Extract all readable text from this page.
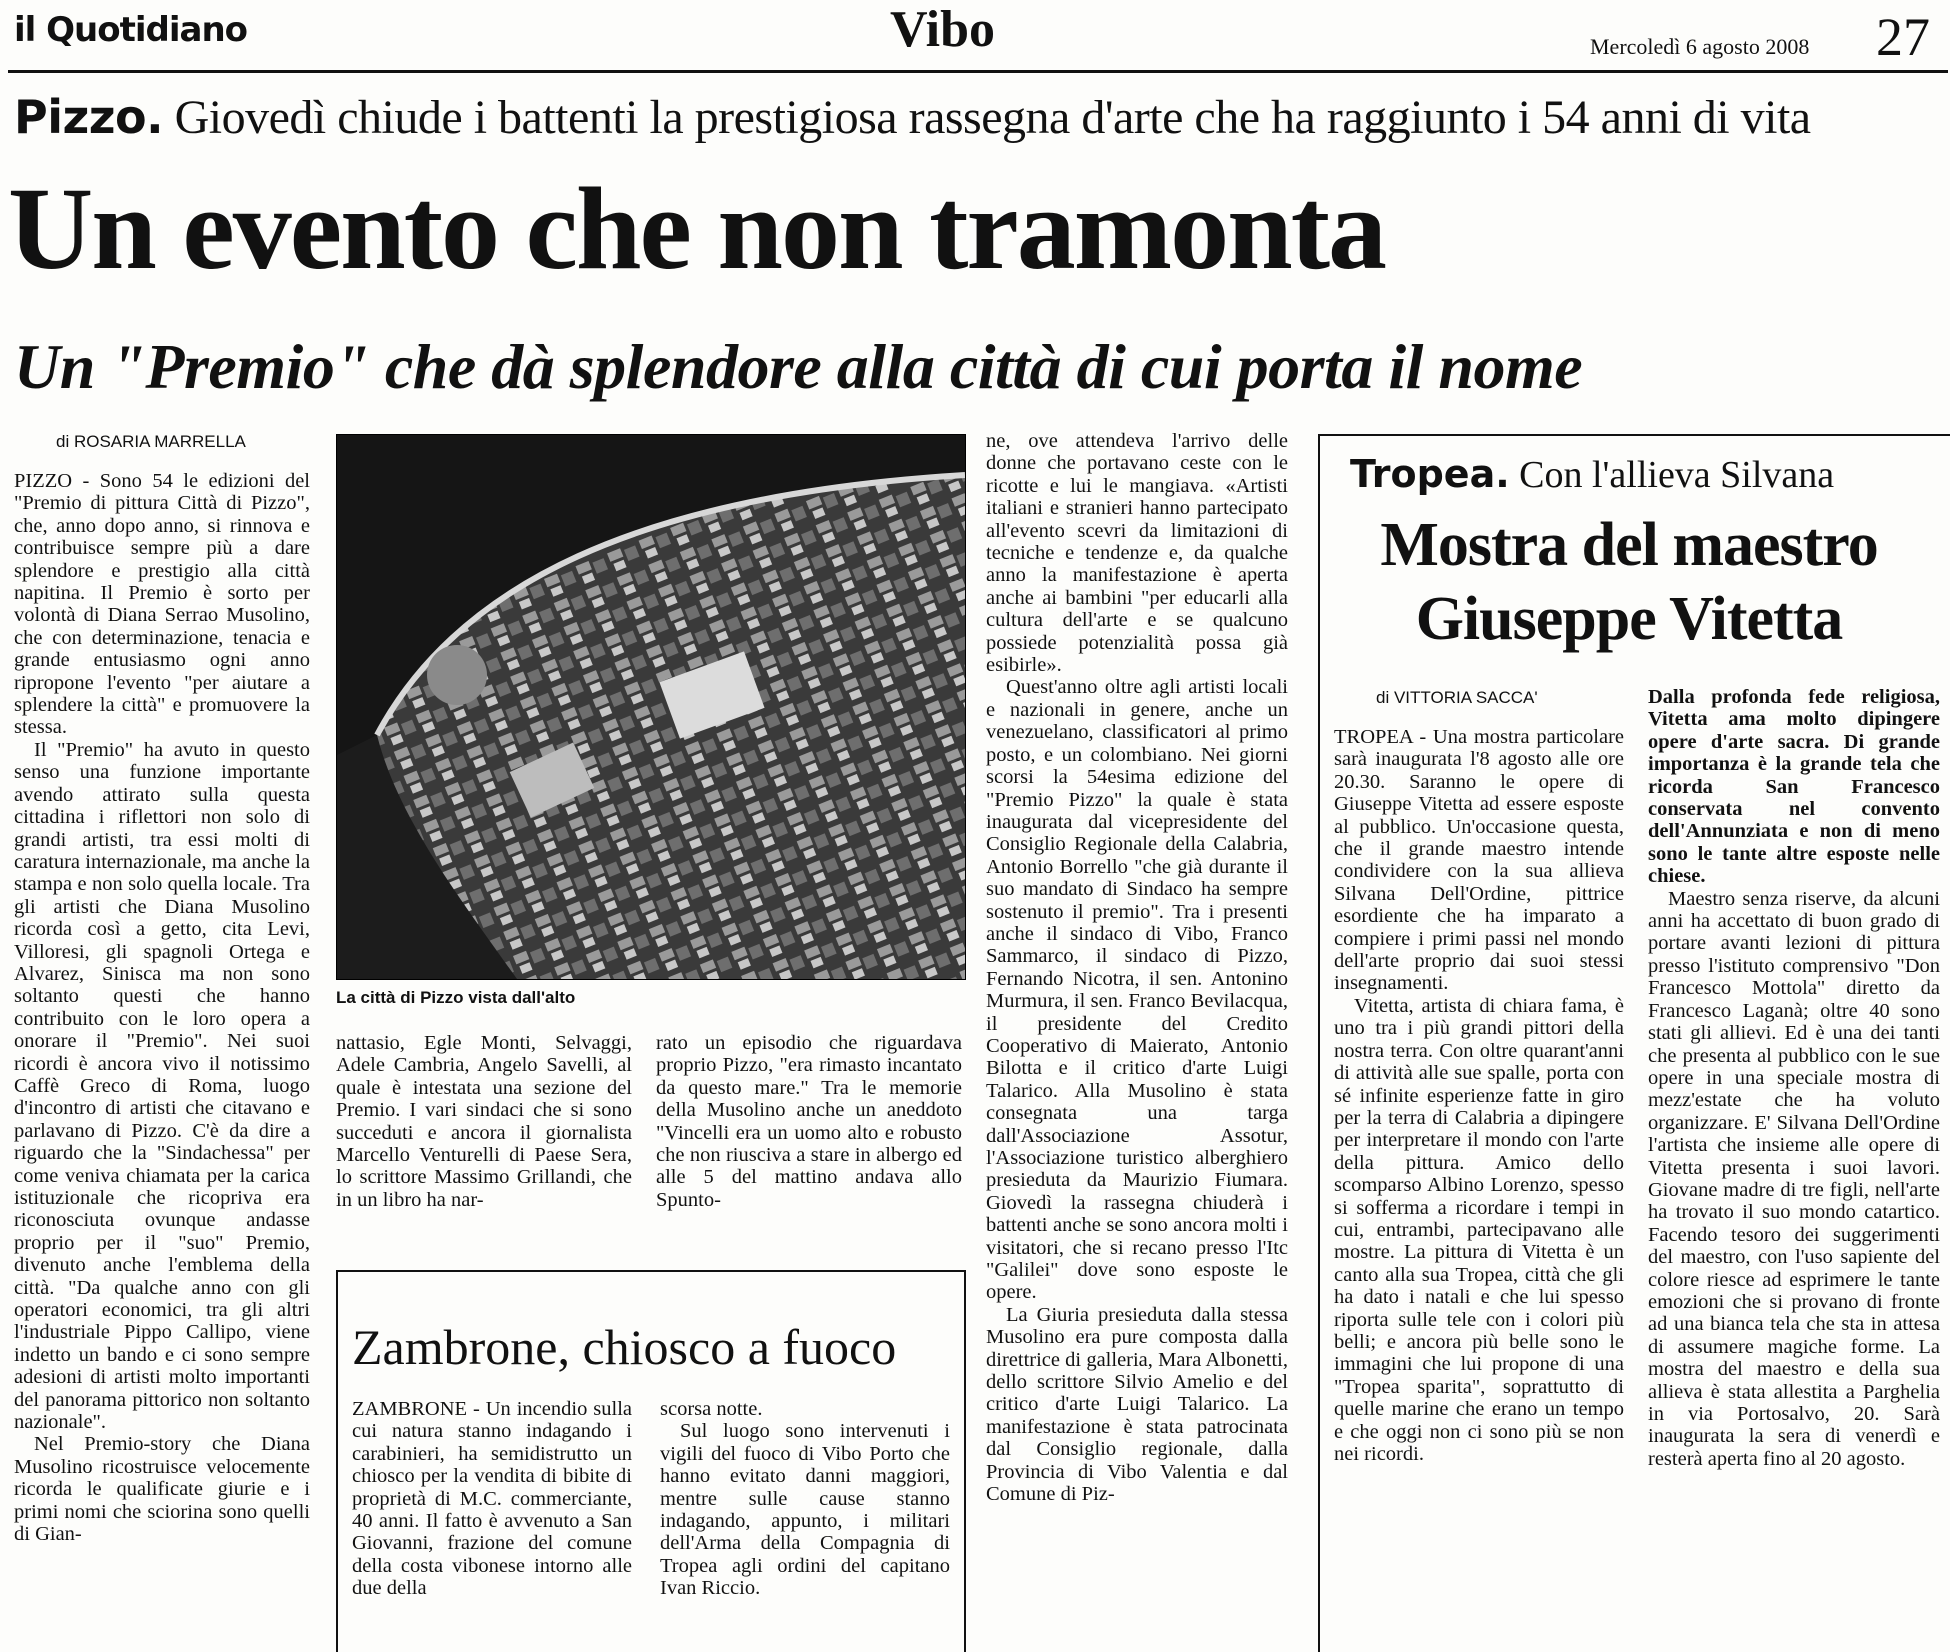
il Quotidiano	Vibo	Mercoledì 6 agosto 2008 27
Pizzo. Giovedì chiude i battenti la prestigiosa rassegna d'arte che ha raggiunto i 54 anni di vita
Un evento che non tramonta
Un "Premio" che dà splendore alla città di cui porta il nome
di ROSARIA MARRELLA

PIZZO - Sono 54 le edizioni del "Premio di pittura Città di Pizzo", che, anno dopo anno, si rinnova e contribuisce sempre più a dare splendore e prestigio alla città napitina. Il Premio è sorto per volontà di Diana Serrao Musolino, che con determinazione, tenacia e grande entusiasmo ogni anno ripropone l'evento "per aiutare a splendere la città" e promuovere la stessa.

Il "Premio" ha avuto in questo senso una funzione importante avendo attirato sulla questa cittadina i riflettori non solo di grandi artisti, tra essi molti di caratura internazionale, ma anche la stampa e non solo quella locale. Tra gli artisti che Diana Musolino ricorda così a getto, cita Levi, Villoresi, gli spagnoli Ortega e Alvarez, Sinisca ma non sono soltanto questi che hanno contribuito con le loro opera a onorare il "Premio". Nei suoi ricordi è ancora vivo il notissimo Caffè Greco di Roma, luogo d'incontro di artisti che citavano e parlavano di Pizzo. C'è da dire a riguardo che la "Sindachessa" per come veniva chiamata per la carica istituzionale che ricopriva era riconosciuta ovunque andasse proprio per il "suo" Premio, divenuto anche l'emblema della città. "Da qualche anno con gli operatori economici, tra gli altri l'industriale Pippo Callipo, viene indetto un bando e ci sono sempre adesioni di artisti molto importanti del panorama pittorico non soltanto nazionale".

Nel Premio-story che Diana Musolino ricostruisce velocemente ricorda le qualificate giurie e i primi nomi che sciorina sono quelli di Gian-

La città di Pizzo vista dall'alto

nattasio, Egle Monti, Selvaggi, Adele Cambria, Angelo Savelli, al quale è intestata una sezione del Premio. I vari sindaci che si sono succeduti e ancora il giornalista Marcello Venturelli di Paese Sera, lo scrittore Massimo Grillandi, che in un libro ha nar-

rato un episodio che riguardava proprio Pizzo, "era rimasto incantato da questo mare." Tra le memorie della Musolino anche un aneddoto "Vincelli era un uomo alto e robusto che non riusciva a stare in albergo ed alle 5 del mattino andava allo Spunto-

ne, ove attendeva l'arrivo delle donne che portavano ceste con le ricotte e lui le mangiava. «Artisti italiani e stranieri hanno partecipato all'evento scevri da limitazioni di tecniche e tendenze e, da qualche anno la manifestazione è aperta anche ai bambini "per educarli alla cultura dell'arte e se qualcuno possiede potenzialità possa già esibirle».

Quest'anno oltre agli artisti locali e nazionali in genere, anche un venezuelano, classificatori al primo posto, e un colombiano. Nei giorni scorsi la 54esima edizione del "Premio Pizzo" la quale è stata inaugurata dal vicepresidente del Consiglio Regionale della Calabria, Antonio Borrello "che già durante il suo mandato di Sindaco ha sempre sostenuto il premio". Tra i presenti anche il sindaco di Vibo, Franco Sammarco, il sindaco di Pizzo, Fernando Nicotra, il sen. Antonino Murmura, il sen. Franco Bevilacqua, il presidente del Credito Cooperativo di Maierato, Antonio Bilotta e il critico d'arte Luigi Talarico. Alla Musolino è stata consegnata una targa dall'Associazione Assotur, l'Associazione turistico alberghiero presieduta da Maurizio Fiumara. Giovedì la rassegna chiuderà i battenti anche se sono ancora molti i visitatori, che si recano presso l'Itc "Galilei" dove sono esposte le opere.

La Giuria presieduta dalla stessa Musolino era pure composta dalla direttrice di galleria, Mara Albonetti, dello scrittore Silvio Amelio e del critico d'arte Luigi Talarico. La manifestazione è stata patrocinata dal Consiglio regionale, dalla Provincia di Vibo Valentia e dal Comune di Piz-

Zambrone, chiosco a fuoco

ZAMBRONE - Un incendio sulla cui natura stanno indagando i carabinieri, ha semidistrutto un chiosco per la vendita di bibite di proprietà di M.C. commerciante, 40 anni. Il fatto è avvenuto a San Giovanni, frazione del comune della costa vibonese intorno alle due della

scorsa notte.

Sul luogo sono intervenuti i vigili del fuoco di Vibo Porto che hanno evitato danni maggiori, mentre sulle cause stanno indagando, appunto, i militari dell'Arma della Compagnia di Tropea agli ordini del capitano Ivan Riccio.

Tropea. Con l'allieva Silvana
Mostra del maestro
Giuseppe Vitetta
di VITTORIA SACCA'

TROPEA - Una mostra particolare sarà inaugurata l'8 agosto alle ore 20.30. Saranno le opere di Giuseppe Vitetta ad essere esposte al pubblico. Un'occasione questa, che il grande maestro intende condividere con la sua allieva Silvana Dell'Ordine, pittrice esordiente che ha imparato a compiere i primi passi nel mondo dell'arte proprio dai suoi stessi insegnamenti.

Vitetta, artista di chiara fama, è uno tra i più grandi pittori della nostra terra. Con oltre quarant'anni di attività alle sue spalle, porta con sé infinite esperienze fatte in giro per la terra di Calabria a dipingere per interpretare il mondo con l'arte della pittura. Amico dello scomparso Albino Lorenzo, spesso si sofferma a ricordare i tempi in cui, entrambi, partecipavano alle mostre. La pittura di Vitetta è un canto alla sua Tropea, città che gli ha dato i natali e che lui spesso riporta sulle tele con i colori più belli; e ancora più belle sono le immagini che lui propone di una "Tropea sparita", soprattutto di quelle marine che erano un tempo e che oggi non ci sono più se non nei ricordi.

Dalla profonda fede religiosa, Vitetta ama molto dipingere opere d'arte sacra. Di grande importanza è la grande tela che ricorda San Francesco conservata nel convento dell'Annunziata e non di meno sono le tante altre esposte nelle chiese.

Maestro senza riserve, da alcuni anni ha accettato di buon grado di portare avanti lezioni di pittura presso l'istituto comprensivo "Don Francesco Mottola" diretto da Francesco Laganà; oltre 40 sono stati gli allievi. Ed è una dei tanti che presenta al pubblico con le sue opere in una speciale mostra di mezz'estate che ha voluto organizzare. E' Silvana Dell'Ordine l'artista che insieme alle opere di Vitetta presenta i suoi lavori. Giovane madre di tre figli, nell'arte ha trovato il suo mondo catartico. Facendo tesoro dei suggerimenti del maestro, con l'uso sapiente del colore riesce ad esprimere le tante emozioni che si provano di fronte ad una bianca tela che sta in attesa di assumere magiche forme. La mostra del maestro e della sua allieva è stata allestita a Parghelia in via Portosalvo, 20. Sarà inaugurata la sera di venerdì e resterà aperta fino al 20 agosto.
